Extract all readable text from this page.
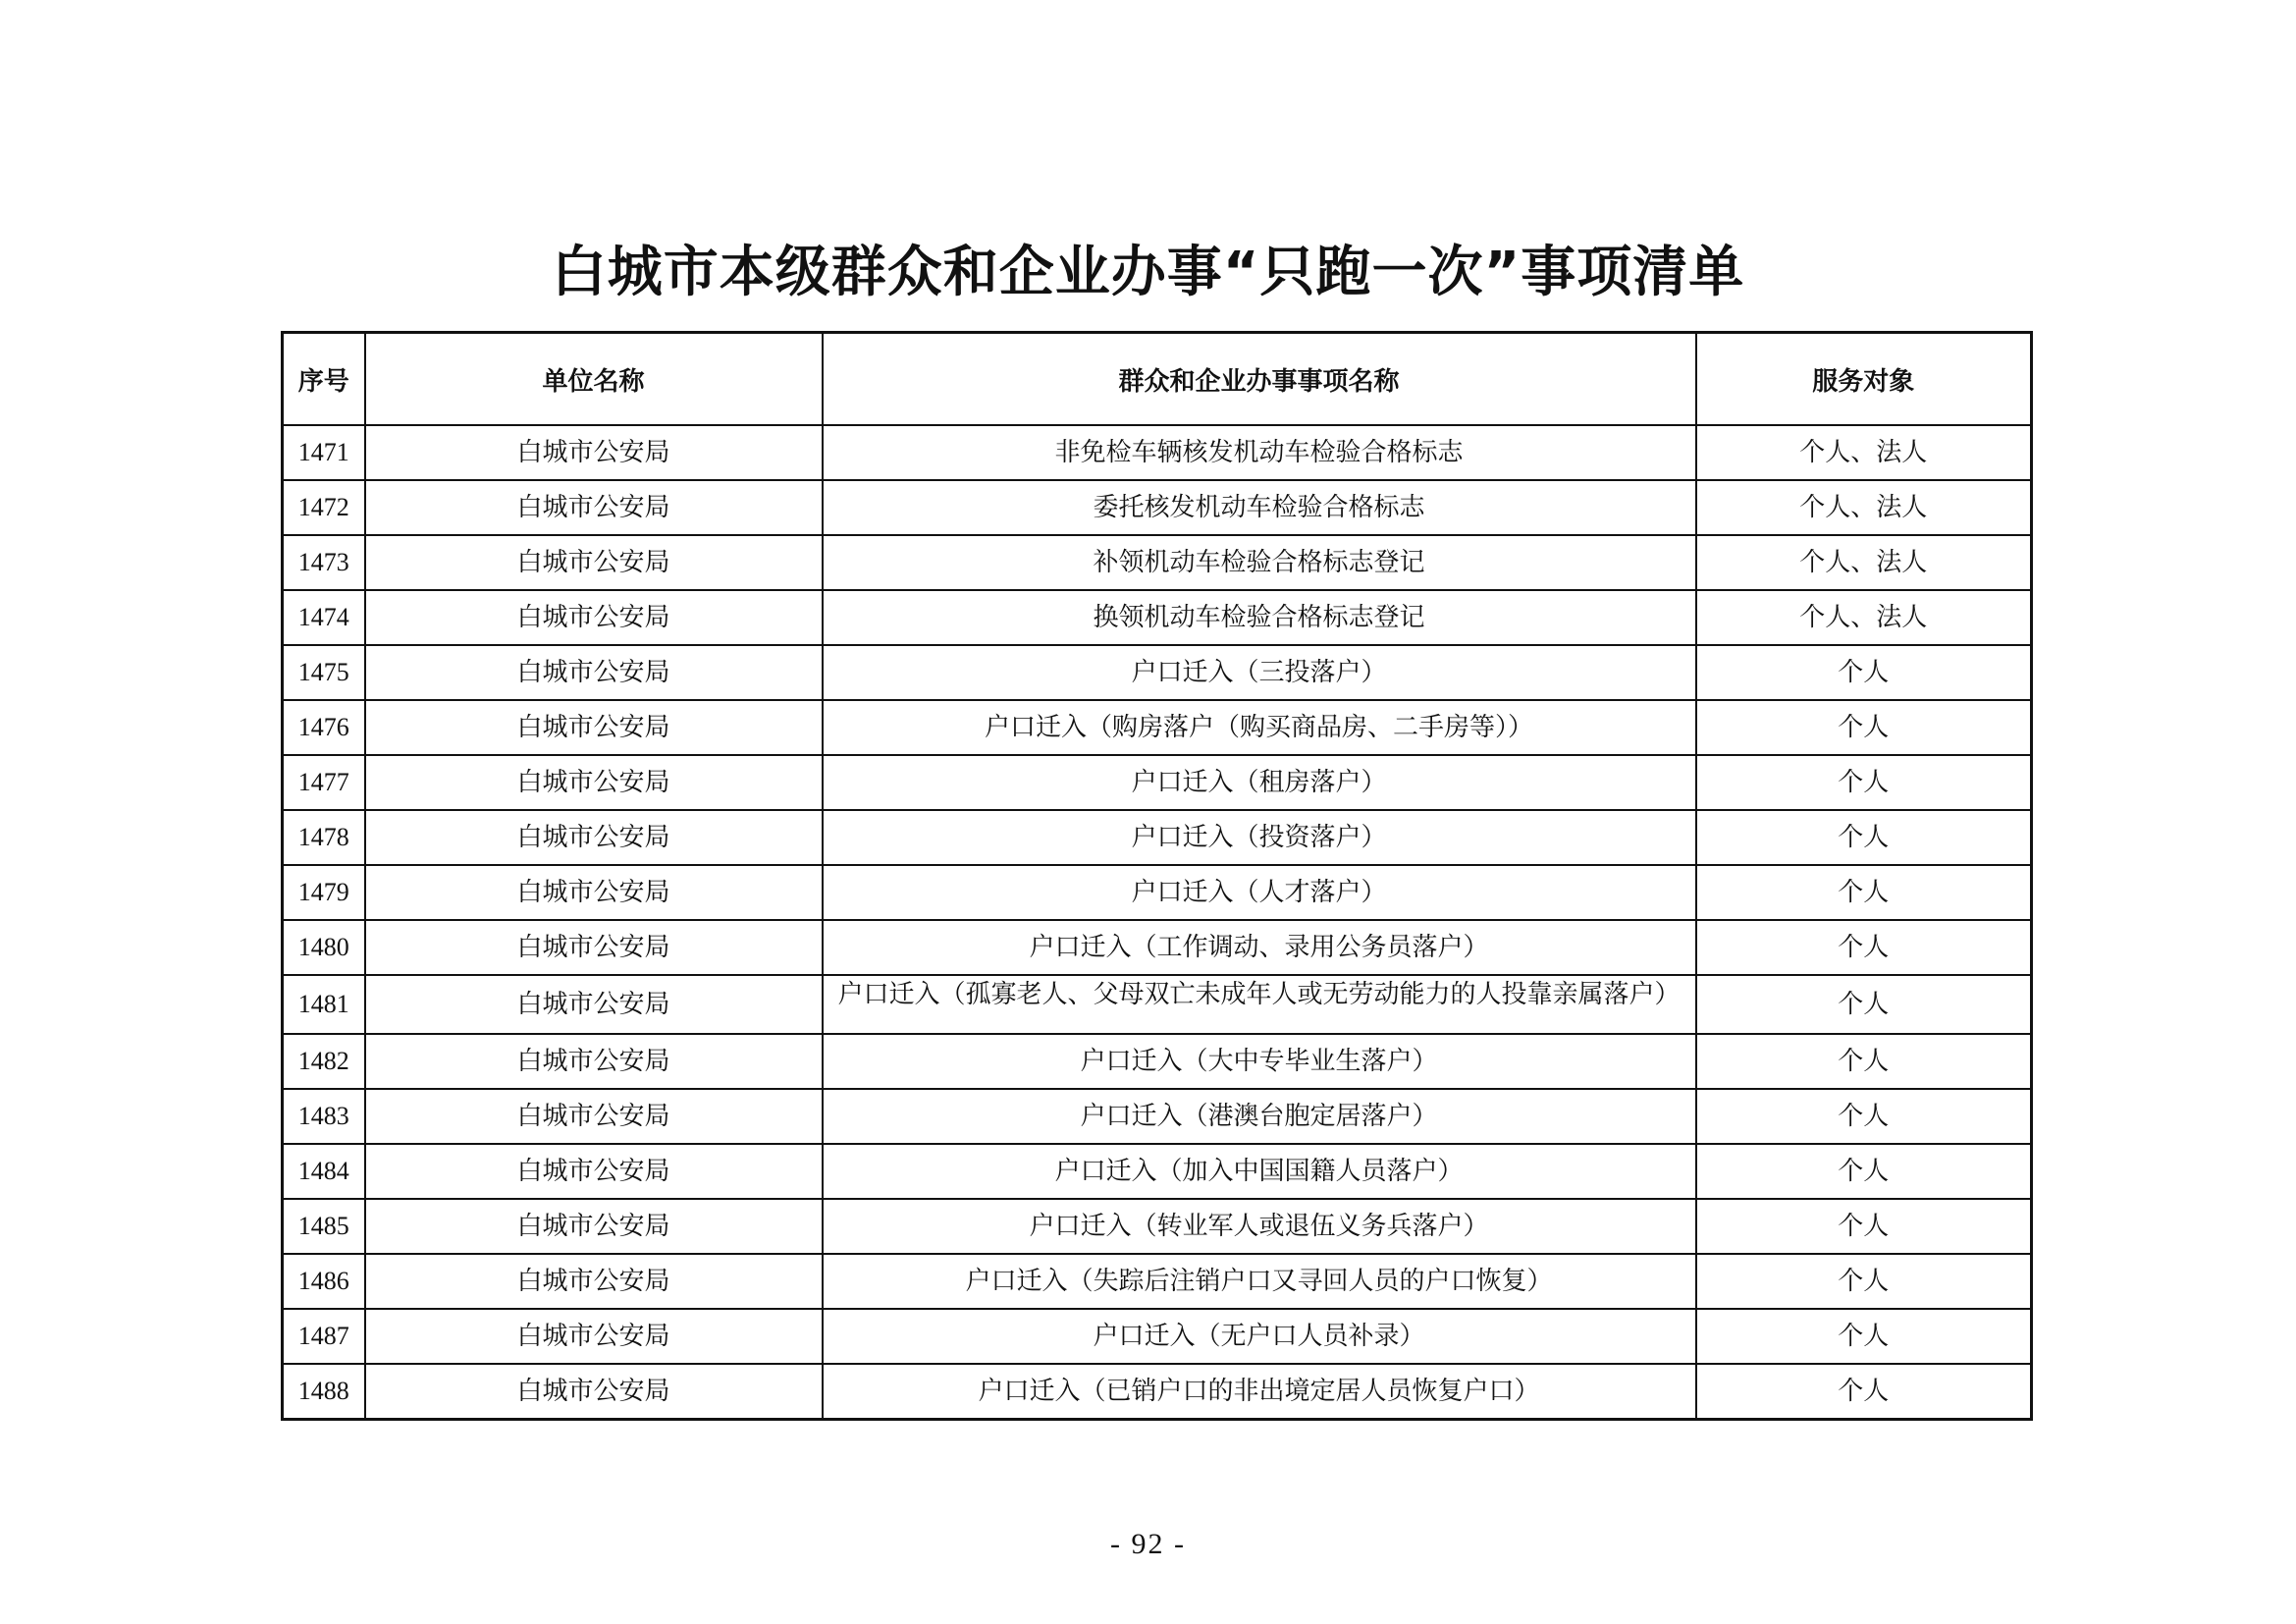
白城市本级群众和企业办事“只跑一次”事项清单
序号	单位名称	群众和企业办事事项名称	服务对象
1471	白城市公安局	非免检车辆核发机动车检验合格标志	个人、法人
1472	白城市公安局	委托核发机动车检验合格标志	个人、法人
1473	白城市公安局	补领机动车检验合格标志登记	个人、法人
1474	白城市公安局	换领机动车检验合格标志登记	个人、法人
1475	白城市公安局	户口迁入（三投落户）	个人
1476	白城市公安局	户口迁入（购房落户（购买商品房、二手房等））	个人
1477	白城市公安局	户口迁入（租房落户）	个人
1478	白城市公安局	户口迁入（投资落户）	个人
1479	白城市公安局	户口迁入（人才落户）	个人
1480	白城市公安局	户口迁入（工作调动、录用公务员落户）	个人
1481	白城市公安局	户口迁入（孤寡老人、父母双亡未成年人或无劳动能力的人投靠亲属落户）	个人
1482	白城市公安局	户口迁入（大中专毕业生落户）	个人
1483	白城市公安局	户口迁入（港澳台胞定居落户）	个人
1484	白城市公安局	户口迁入（加入中国国籍人员落户）	个人
1485	白城市公安局	户口迁入（转业军人或退伍义务兵落户）	个人
1486	白城市公安局	户口迁入（失踪后注销户口又寻回人员的户口恢复）	个人
1487	白城市公安局	户口迁入（无户口人员补录）	个人
1488	白城市公安局	户口迁入（已销户口的非出境定居人员恢复户口）	个人
- 92 -
